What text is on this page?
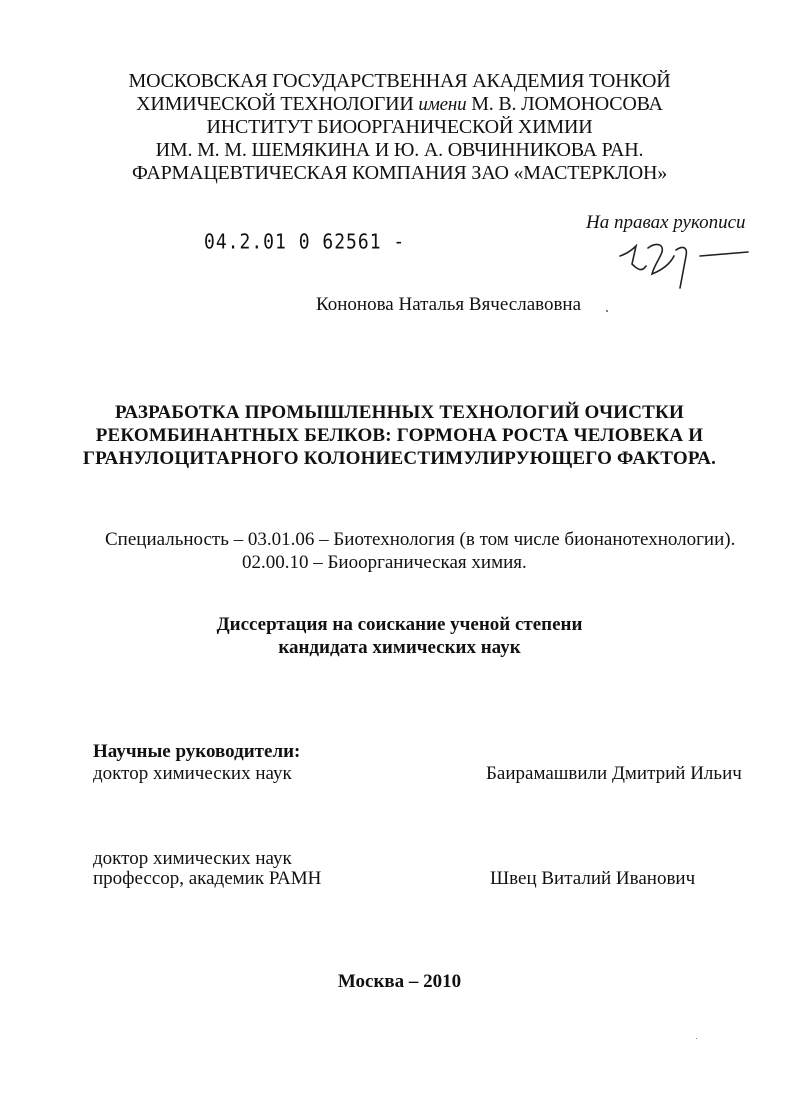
МОСКОВСКАЯ ГОСУДАРСТВЕННАЯ АКАДЕМИЯ ТОНКОЙ
ХИМИЧЕСКОЙ ТЕХНОЛОГИИ имени М. В. ЛОМОНОСОВА
ИНСТИТУТ БИООРГАНИЧЕСКОЙ ХИМИИ
ИМ. М. М. ШЕМЯКИНА И Ю. А. ОВЧИННИКОВА РАН.
ФАРМАЦЕВТИЧЕСКАЯ КОМПАНИЯ ЗАО «МАСТЕРКЛОН»
На правах рукописи
04.2.01 0 62561 -
Кононова Наталья Вячеславовна
РАЗРАБОТКА ПРОМЫШЛЕННЫХ ТЕХНОЛОГИЙ ОЧИСТКИ
РЕКОМБИНАНТНЫХ БЕЛКОВ: ГОРМОНА РОСТА ЧЕЛОВЕКА И
ГРАНУЛОЦИТАРНОГО КОЛОНИЕСТИМУЛИРУЮЩЕГО ФАКТОРА.
Специальность – 03.01.06 – Биотехнология (в том числе бионанотехнологии).
02.00.10 – Биоорганическая химия.
Диссертация на соискание ученой степени
кандидата химических наук
Научные руководители:
доктор химических наук	Баирамашвили Дмитрий Ильич
доктор химических наук
профессор, академик РАМН	Швец Виталий Иванович
Москва – 2010
